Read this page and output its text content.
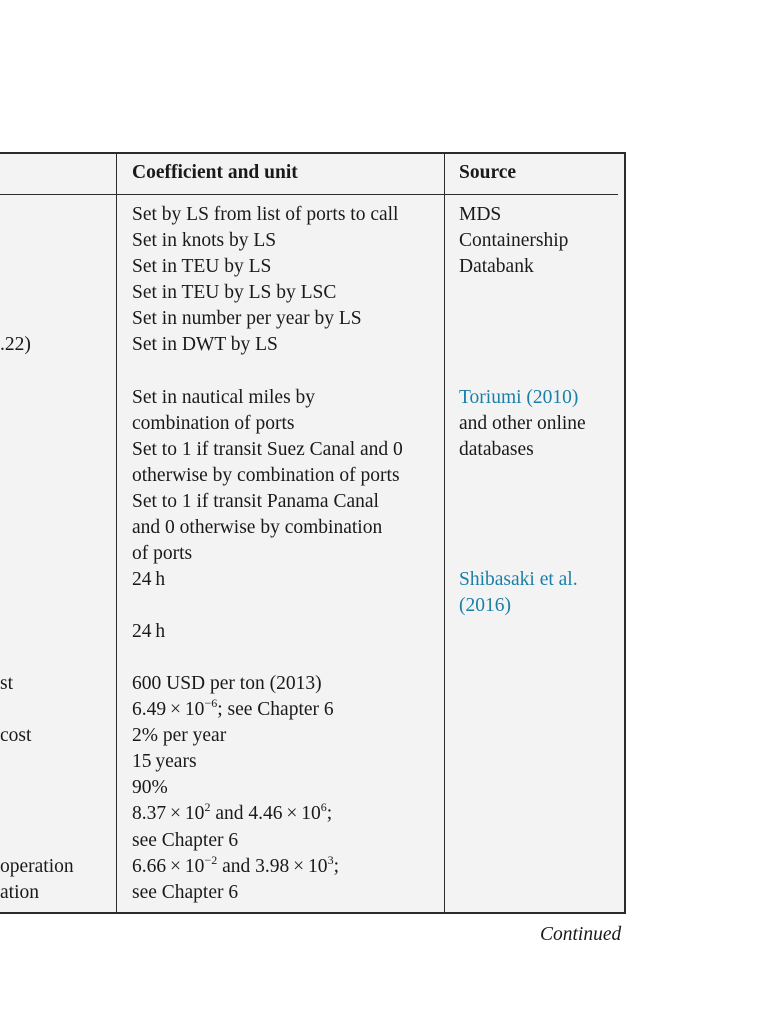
Coefficient and unit	Source
.22)
st
cost
operation
ation
Set by LS from list of ports to call
Set in knots by LS
Set in TEU by LS
Set in TEU by LS by LSC
Set in number per year by LS
Set in DWT by LS
Set in nautical miles by
combination of ports
Set to 1 if transit Suez Canal and 0
otherwise by combination of ports
Set to 1 if transit Panama Canal
and 0 otherwise by combination
of ports
24 h
24 h
600 USD per ton (2013)
$6.49 \times 10^{-6}$; see Chapter 6
2% per year
15 years
90%
$8.37 \times 10^2$ and $4.46 \times 10^6$;
see Chapter 6
$6.66 \times 10^{-2}$ and $3.98 \times 10^3$;
see Chapter 6
MDS
Containership
Databank
Toriumi (2010)
and other online
databases
Shibasaki et al.
(2016)
Continued
